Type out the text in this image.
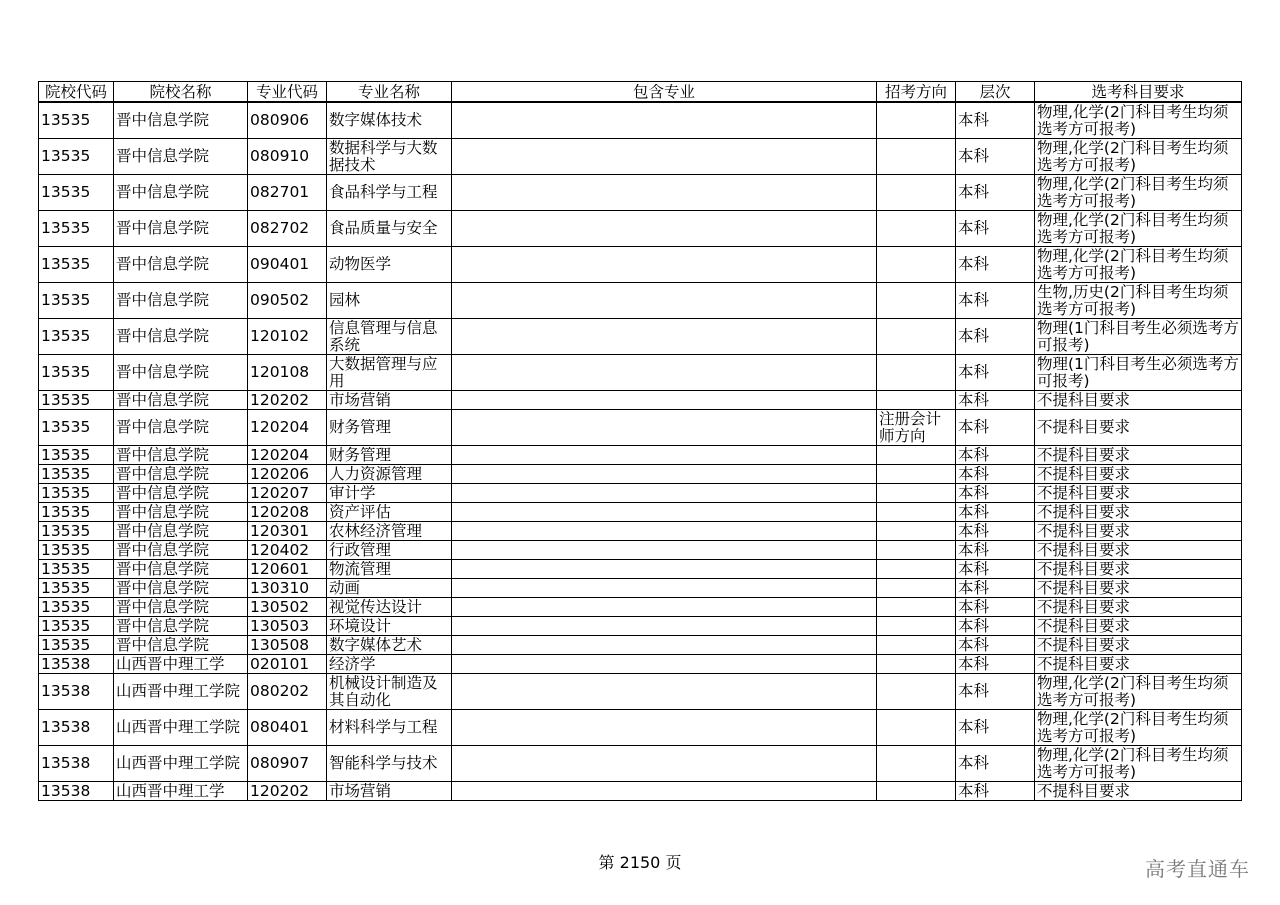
院校代码	院校名称	专业代码	专业名称	包含专业	招考方向	层次	选考科目要求
13535	晋中信息学院	080906	数字媒体技术			本科	物理,化学(2门科目考生均须选考方可报考)
13535	晋中信息学院	080910	数据科学与大数据技术			本科	物理,化学(2门科目考生均须选考方可报考)
13535	晋中信息学院	082701	食品科学与工程			本科	物理,化学(2门科目考生均须选考方可报考)
13535	晋中信息学院	082702	食品质量与安全			本科	物理,化学(2门科目考生均须选考方可报考)
13535	晋中信息学院	090401	动物医学			本科	物理,化学(2门科目考生均须选考方可报考)
13535	晋中信息学院	090502	园林			本科	生物,历史(2门科目考生均须选考方可报考)
13535	晋中信息学院	120102	信息管理与信息系统			本科	物理(1门科目考生必须选考方可报考)
13535	晋中信息学院	120108	大数据管理与应用			本科	物理(1门科目考生必须选考方可报考)
13535	晋中信息学院	120202	市场营销			本科	不提科目要求
13535	晋中信息学院	120204	财务管理		注册会计师方向	本科	不提科目要求
13535	晋中信息学院	120204	财务管理			本科	不提科目要求
13535	晋中信息学院	120206	人力资源管理			本科	不提科目要求
13535	晋中信息学院	120207	审计学			本科	不提科目要求
13535	晋中信息学院	120208	资产评估			本科	不提科目要求
13535	晋中信息学院	120301	农林经济管理			本科	不提科目要求
13535	晋中信息学院	120402	行政管理			本科	不提科目要求
13535	晋中信息学院	120601	物流管理			本科	不提科目要求
13535	晋中信息学院	130310	动画			本科	不提科目要求
13535	晋中信息学院	130502	视觉传达设计			本科	不提科目要求
13535	晋中信息学院	130503	环境设计			本科	不提科目要求
13535	晋中信息学院	130508	数字媒体艺术			本科	不提科目要求
13538	山西晋中理工学	020101	经济学			本科	不提科目要求
13538	山西晋中理工学院	080202	机械设计制造及其自动化			本科	物理,化学(2门科目考生均须选考方可报考)
13538	山西晋中理工学院	080401	材料科学与工程			本科	物理,化学(2门科目考生均须选考方可报考)
13538	山西晋中理工学院	080907	智能科学与技术			本科	物理,化学(2门科目考生均须选考方可报考)
13538	山西晋中理工学	120202	市场营销			本科	不提科目要求
第 2150 页	高考直通车
